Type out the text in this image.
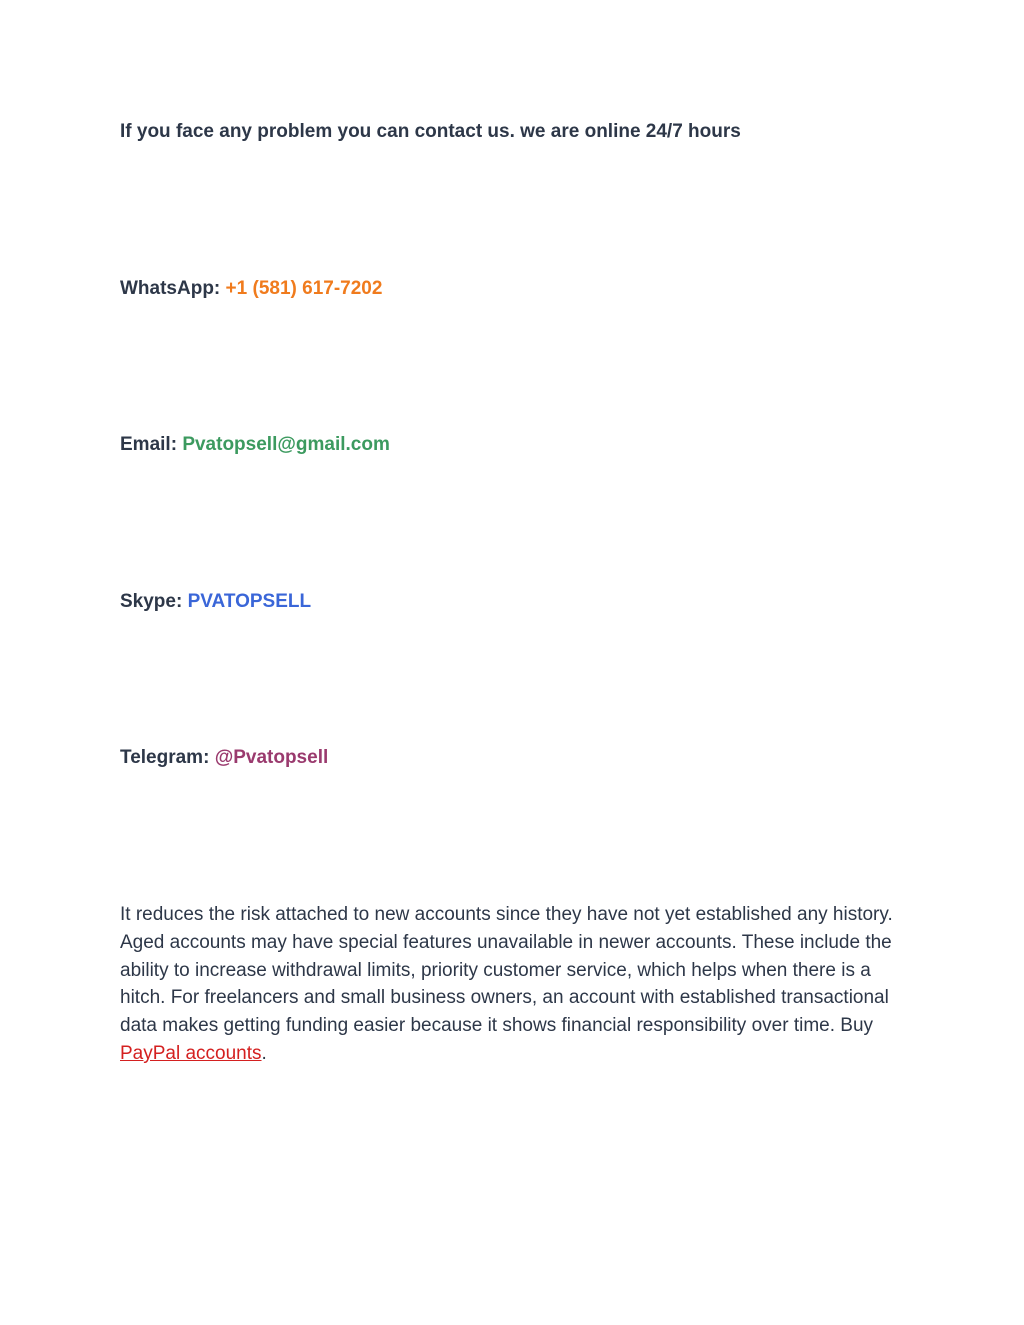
If you face any problem you can contact us. we are online 24/7 hours
WhatsApp: +1 (581) 617-7202
Email: Pvatopsell@gmail.com
Skype: PVATOPSELL
Telegram: @Pvatopsell
It reduces the risk attached to new accounts since they have not yet established any history. Aged accounts may have special features unavailable in newer accounts. These include the ability to increase withdrawal limits, priority customer service, which helps when there is a hitch. For freelancers and small business owners, an account with established transactional data makes getting funding easier because it shows financial responsibility over time. Buy PayPal accounts.
